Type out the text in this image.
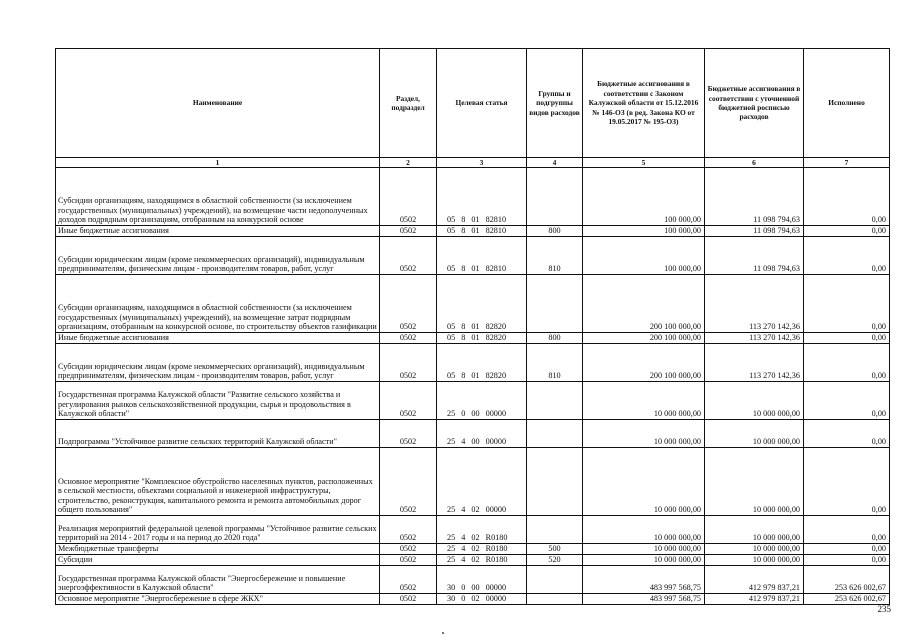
Наименование	Раздел, подраздел	Целевая статья	Группы и подгруппы видов расходов	Бюджетные ассигнования в соответствии с Законом Калужской области от 15.12.2016 № 146-ОЗ (в ред. Закона КО от 19.05.2017 № 195-ОЗ)	Бюджетные ассигнования в соответствии с уточненной бюджетной росписью расходов	Исполнено
1	2	3	4	5	6	7
Субсидии организациям, находящимся в областной собственности (за исключением государственных (муниципальных) учреждений), на возмещение части недополученных доходов подрядным организациям, отобранным на конкурсной основе	0502	05 8 01 82810		100 000,00	11 098 794,63	0,00
Иные бюджетные ассигнования	0502	05 8 01 82810	800	100 000,00	11 098 794,63	0,00
Субсидии юридическим лицам (кроме некоммерческих организаций), индивидуальным предпринимателям, физическим лицам - производителям товаров, работ, услуг	0502	05 8 01 82810	810	100 000,00	11 098 794,63	0,00
Субсидии организациям, находящимся в областной собственности (за исключением государственных (муниципальных) учреждений), на возмещение затрат подрядным организациям, отобранным на конкурсной основе, по строительству объектов газификации	0502	05 8 01 82820		200 100 000,00	113 270 142,36	0,00
Иные бюджетные ассигнования	0502	05 8 01 82820	800	200 100 000,00	113 270 142,36	0,00
Субсидии юридическим лицам (кроме некоммерческих организаций), индивидуальным предпринимателям, физическим лицам - производителям товаров, работ, услуг	0502	05 8 01 82820	810	200 100 000,00	113 270 142,36	0,00
Государственная программа Калужской области "Развитие сельского хозяйства и регулирования рынков сельскохозяйственной продукции, сырья и продовольствия в Калужской области"	0502	25 0 00 00000		10 000 000,00	10 000 000,00	0,00
Подпрограмма "Устойчивое развитие сельских территорий Калужской области"	0502	25 4 00 00000		10 000 000,00	10 000 000,00	0,00
Основное мероприятие "Комплексное обустройство населенных пунктов, расположенных в сельской местности, объектами социальной и инженерной инфраструктуры, строительство, реконструкция, капитального ремонта и ремонта автомобильных дорог общего пользования"	0502	25 4 02 00000		10 000 000,00	10 000 000,00	0,00
Реализация мероприятий федеральной целевой программы "Устойчивое развитие сельских территорий на 2014 - 2017 годы и на период до 2020 года"	0502	25 4 02 R0180		10 000 000,00	10 000 000,00	0,00
Межбюджетные трансферты	0502	25 4 02 R0180	500	10 000 000,00	10 000 000,00	0,00
Субсидии	0502	25 4 02 R0180	520	10 000 000,00	10 000 000,00	0,00
Государственная программа Калужской области "Энергосбережение и повышение энергоэффективности в Калужской области"	0502	30 0 00 00000		483 997 568,75	412 979 837,21	253 626 002,67
Основное мероприятие "Энергосбережение в сфере ЖКХ"	0502	30 0 02 00000		483 997 568,75	412 979 837,21	253 626 002,67
235
